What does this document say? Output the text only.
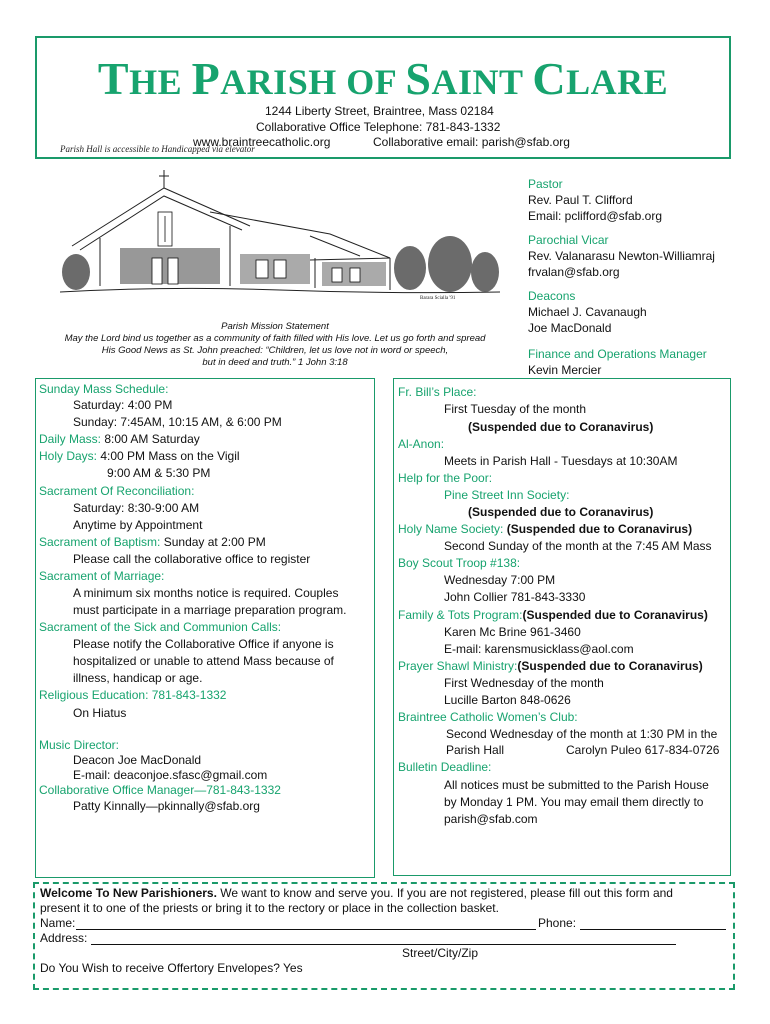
THE PARISH OF SAINT CLARE
1244 Liberty Street, Braintree, Mass 02184
Collaborative Office Telephone: 781-843-1332
www.braintreecatholic.org	Collaborative email: parish@sfab.org
Parish Hall is accessible to Handicapped via elevator
Barara Scialla '91
Parish Mission Statement
May the Lord bind us together as a community of faith filled with His love. Let us go forth and spread
His Good News as St. John preached: “Children, let us love not in word or speech,
but in deed and truth.” 1 John 3:18
Pastor
Rev. Paul T. Clifford
Email: pclifford@sfab.org
Parochial Vicar
Rev. Valanarasu Newton-Williamraj
frvalan@sfab.org
Deacons
Michael J. Cavanaugh
Joe MacDonald
Finance and Operations Manager
Kevin Mercier
Sunday Mass Schedule:
Saturday: 4:00 PM
Sunday: 7:45AM, 10:15 AM, & 6:00 PM
Daily Mass: 8:00 AM Saturday
Holy Days: 4:00 PM Mass on the Vigil
9:00 AM & 5:30 PM
Sacrament Of Reconciliation:
Saturday: 8:30-9:00 AM
Anytime by Appointment
Sacrament of Baptism: Sunday at 2:00 PM
Please call the collaborative office to register
Sacrament of Marriage:
A minimum six months notice is required. Couples
must participate in a marriage preparation program.
Sacrament of the Sick and Communion Calls:
Please notify the Collaborative Office if anyone is
hospitalized or unable to attend Mass because of
illness, handicap or age.
Religious Education: 781-843-1332
On Hiatus
Music Director:
Deacon Joe MacDonald
E-mail: deaconjoe.sfasc@gmail.com
Collaborative Office Manager—781-843-1332
Patty Kinnally—pkinnally@sfab.org
Fr. Bill’s Place:
First Tuesday of the month
(Suspended due to Coranavirus)
Al-Anon:
Meets in Parish Hall - Tuesdays at 10:30AM
Help for the Poor:
Pine Street Inn Society:
(Suspended due to Coranavirus)
Holy Name Society: (Suspended due to Coranavirus)
Second Sunday of the month at the 7:45 AM Mass
Boy Scout Troop #138:
Wednesday 7:00 PM
John Collier 781-843-3330
Family & Tots Program:(Suspended due to Coranavirus)
Karen Mc Brine 961-3460
E-mail: karensmusicklass@aol.com
Prayer Shawl Ministry:(Suspended due to Coranavirus)
First Wednesday of the month
Lucille Barton 848-0626
Braintree Catholic Women’s Club:
Second Wednesday of the month at 1:30 PM in the
Parish Hall	Carolyn Puleo 617-834-0726
Bulletin Deadline:
All notices must be submitted to the Parish House
by Monday 1 PM. You may email them directly to
parish@sfab.com
Welcome To New Parishioners. We want to know and serve you. If you are not registered, please fill out this form and
present it to one of the priests or bring it to the rectory or place in the collection basket.
Name:	Phone:
Address:
Street/City/Zip
Do You Wish to receive Offertory Envelopes? Yes
